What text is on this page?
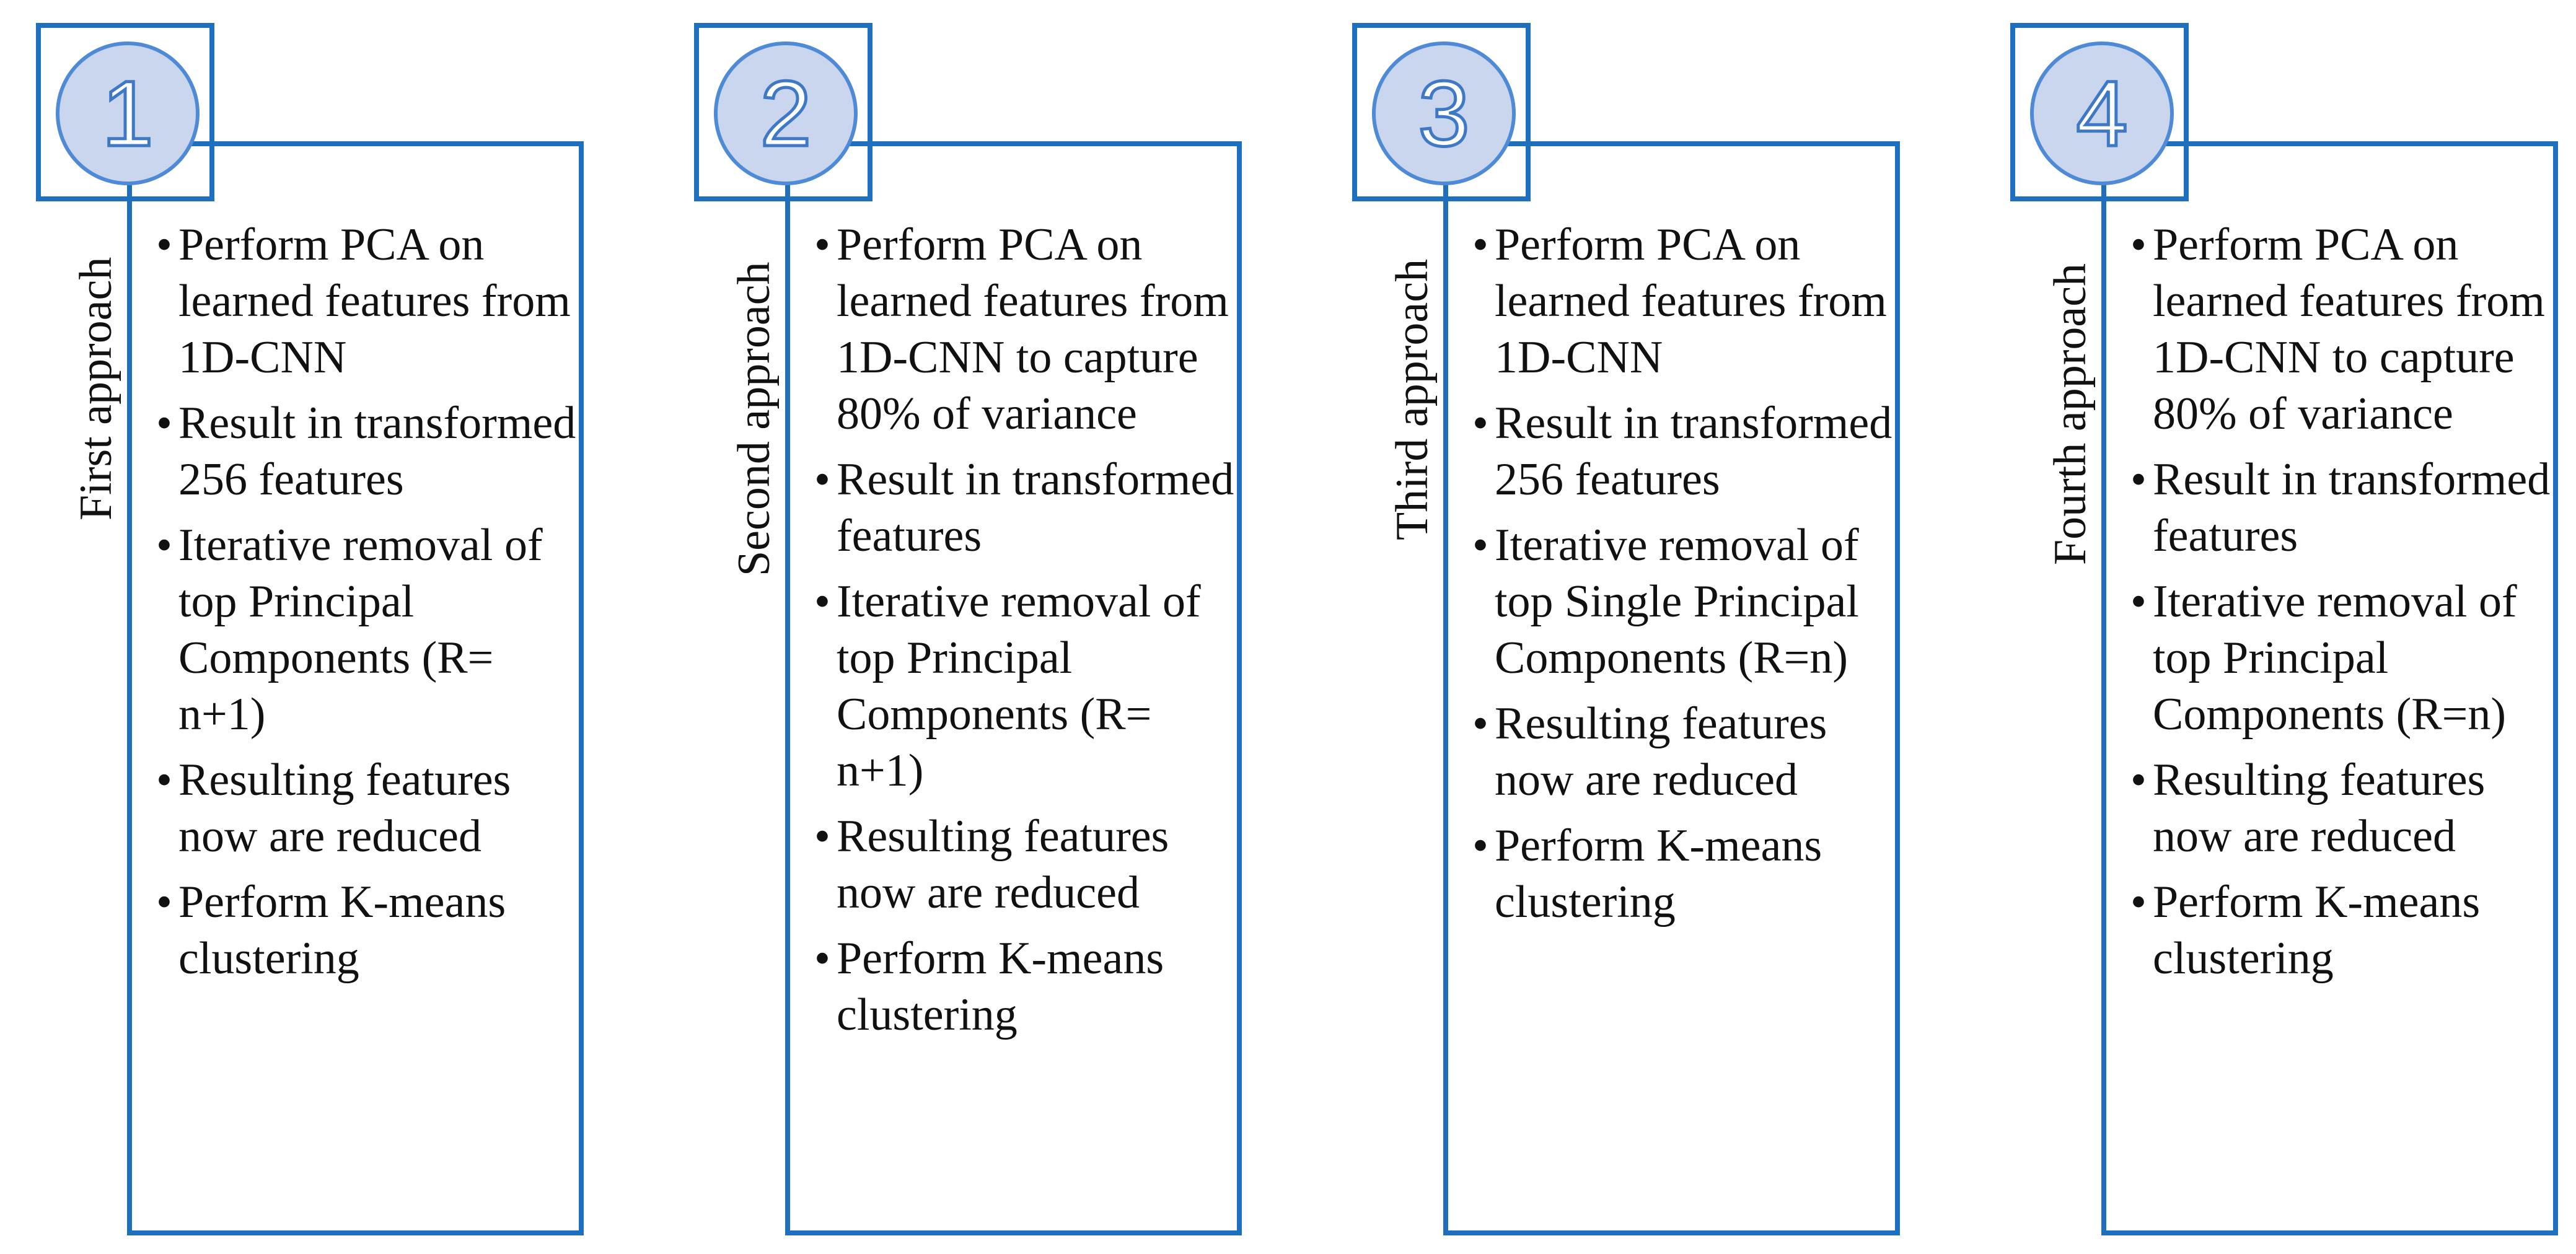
1
First approach
• Perform PCA on learned features from 1D-CNN
• Result in transformed 256 features
• Iterative removal of top Principal Components (R= n+1)
• Resulting features now are reduced
• Perform K-means clustering
2
Second approach
• Perform PCA on learned features from 1D-CNN to capture 80% of variance
• Result in transformed features
• Iterative removal of top Principal Components (R= n+1)
• Resulting features now are reduced
• Perform K-means clustering
3
Third approach
• Perform PCA on learned features from 1D-CNN
• Result in transformed 256 features
• Iterative removal of top Single Principal Components (R=n)
• Resulting features now are reduced
• Perform K-means clustering
4
Fourth approach
• Perform PCA on learned features from 1D-CNN to capture 80% of variance
• Result in transformed features
• Iterative removal of top Principal Components (R=n)
• Resulting features now are reduced
• Perform K-means clustering
